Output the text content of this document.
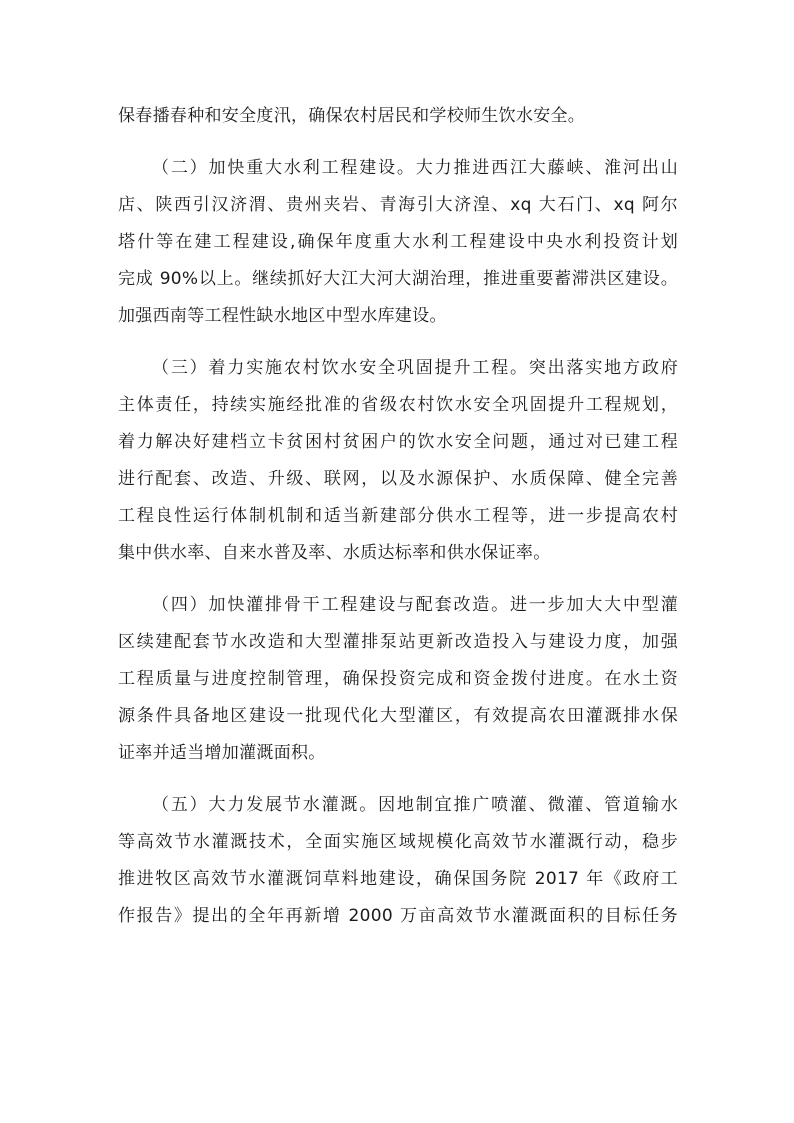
保春播春种和安全度汛，确保农村居民和学校师生饮水安全。
（二）加快重大水利工程建设。大力推进西江大藤峡、淮河出山
店、陕西引汉济渭、贵州夹岩、青海引大济湟、xq 大石门、xq 阿尔
塔什等在建工程建设,确保年度重大水利工程建设中央水利投资计划
完成 90%以上。继续抓好大江大河大湖治理，推进重要蓄滞洪区建设。
加强西南等工程性缺水地区中型水库建设。
（三）着力实施农村饮水安全巩固提升工程。突出落实地方政府
主体责任，持续实施经批准的省级农村饮水安全巩固提升工程规划，
着力解决好建档立卡贫困村贫困户的饮水安全问题，通过对已建工程
进行配套、改造、升级、联网，以及水源保护、水质保障、健全完善
工程良性运行体制机制和适当新建部分供水工程等，进一步提高农村
集中供水率、自来水普及率、水质达标率和供水保证率。
（四）加快灌排骨干工程建设与配套改造。进一步加大大中型灌
区续建配套节水改造和大型灌排泵站更新改造投入与建设力度，加强
工程质量与进度控制管理，确保投资完成和资金拨付进度。在水土资
源条件具备地区建设一批现代化大型灌区，有效提高农田灌溉排水保
证率并适当增加灌溉面积。
（五）大力发展节水灌溉。因地制宜推广喷灌、微灌、管道输水
等高效节水灌溉技术，全面实施区域规模化高效节水灌溉行动，稳步
推进牧区高效节水灌溉饲草料地建设，确保国务院 2017 年《政府工
作报告》提出的全年再新增 2000 万亩高效节水灌溉面积的目标任务
